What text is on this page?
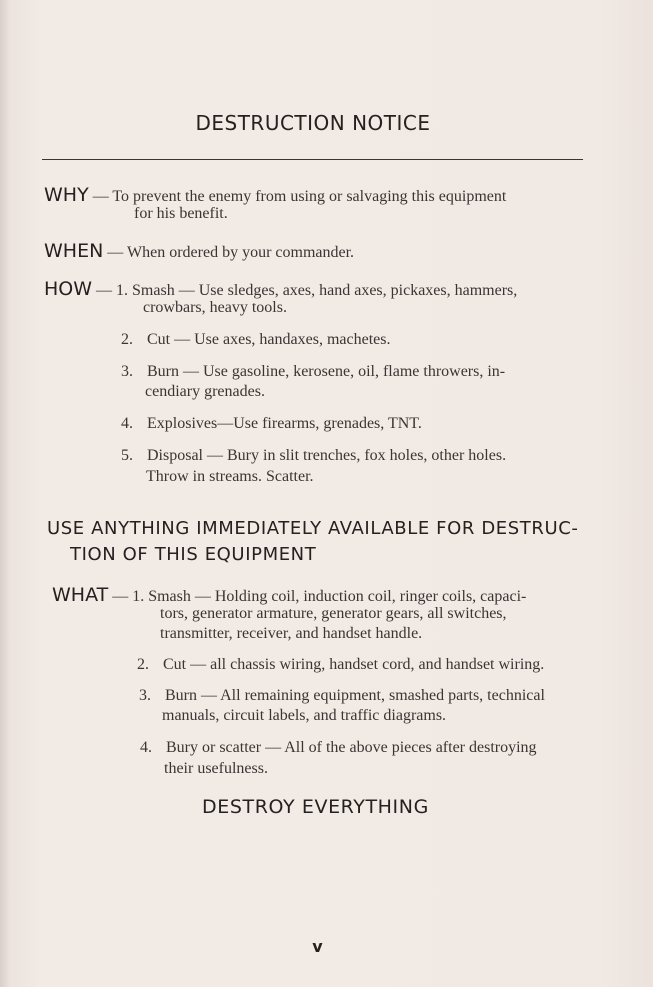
DESTRUCTION NOTICE
WHY — To prevent the enemy from using or salvaging this equipment
for his benefit.
WHEN — When ordered by your commander.
HOW — 1. Smash — Use sledges, axes, hand axes, pickaxes, hammers,
crowbars, heavy tools.
2. Cut — Use axes, handaxes, machetes.
3. Burn — Use gasoline, kerosene, oil, flame throwers, in-
cendiary grenades.
4. Explosives—Use firearms, grenades, TNT.
5. Disposal — Bury in slit trenches, fox holes, other holes.
Throw in streams. Scatter.
USE ANYTHING IMMEDIATELY AVAILABLE FOR DESTRUC-
TION OF THIS EQUIPMENT
WHAT — 1. Smash — Holding coil, induction coil, ringer coils, capaci-
tors, generator armature, generator gears, all switches,
transmitter, receiver, and handset handle.
2. Cut — all chassis wiring, handset cord, and handset wiring.
3. Burn — All remaining equipment, smashed parts, technical
manuals, circuit labels, and traffic diagrams.
4. Bury or scatter — All of the above pieces after destroying
their usefulness.
DESTROY EVERYTHING
v
